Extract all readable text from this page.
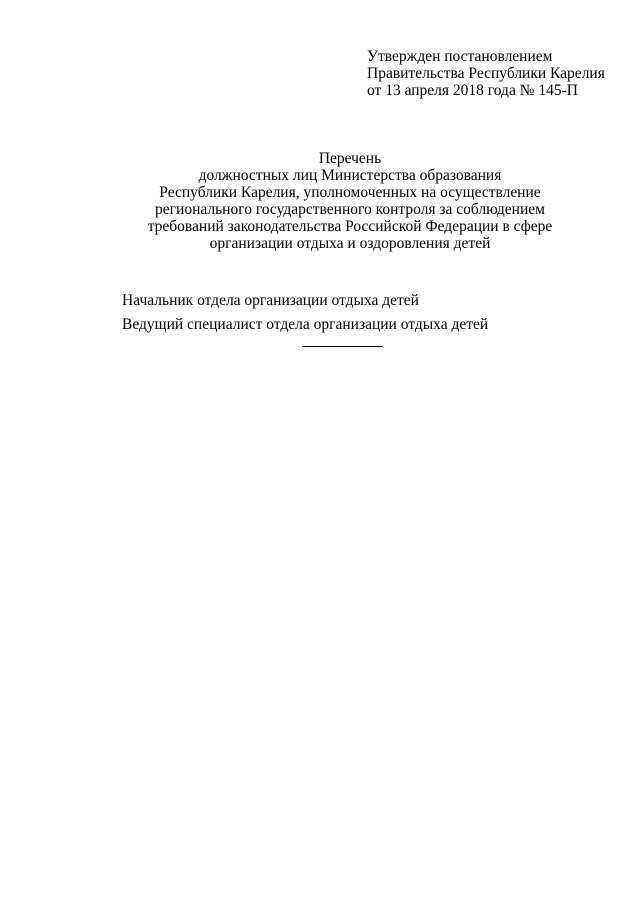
Утвержден постановлением
Правительства Республики Карелия
от 13 апреля 2018 года № 145-П
Перечень
должностных лиц Министерства образования
Республики Карелия, уполномоченных на осуществление
регионального государственного контроля за соблюдением
требований законодательства Российской Федерации в сфере
организации отдыха и оздоровления детей
Начальник отдела организации отдыха детей
Ведущий специалист отдела организации отдыха детей
